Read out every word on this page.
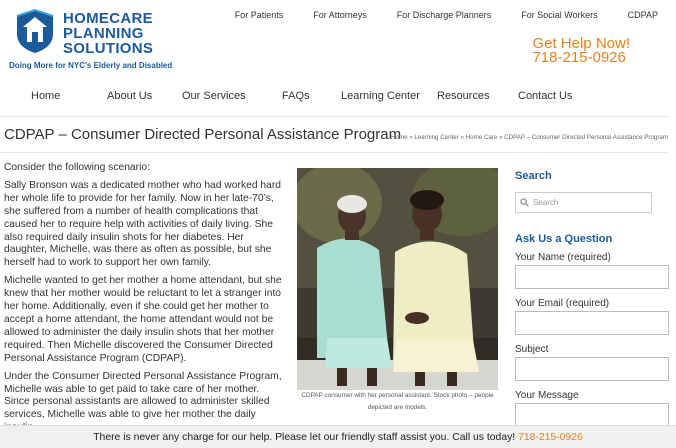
HOMECARE
PLANNING
SOLUTIONS
Doing More for NYC's Elderly and Disabled
For Patients	For Attorneys	For Discharge Planners	For Social Workers	CDPAP
Get Help Now!
718-215-0926
Home	About Us	Our Services	FAQs	Learning Center Resources	Contact Us
CDPAP – Consumer Directed Personal Assistance Program
Home » Learning Center » Home Care » CDPAP – Consumer Directed Personal Assistance Program

Consider the following scenario:

Sally Bronson was a dedicated mother who had worked hard her whole life to provide for her family. Now in her late-70’s, she suffered from a number of health complications that caused her to require help with activities of daily living. She also required daily insulin shots for her diabetes. Her daughter, Michelle, was there as often as possible, but she herself had to work to support her own family.

Michelle wanted to get her mother a home attendant, but she knew that her mother would be reluctant to let a stranger into her home. Additionally, even if she could get her mother to accept a home attendant, the home attendant would not be allowed to administer the daily insulin shots that her mother required. Then Michelle discovered the Consumer Directed Personal Assistance Program (CDPAP).

Under the Consumer Directed Personal Assistance Program, Michelle was able to get paid to take care of her mother. Since personal assistants are allowed to administer skilled services, Michelle was able to give her mother the daily

CDPAP consumer with her personal assistant. Stock photo – people depicted are models.
Search
Search
Ask Us a Question
Your Name (required)
Your Email (required)
Subject
Your Message
There is never any charge for our help. Please let our friendly staff assist you. Call us today! 718-215-0926
